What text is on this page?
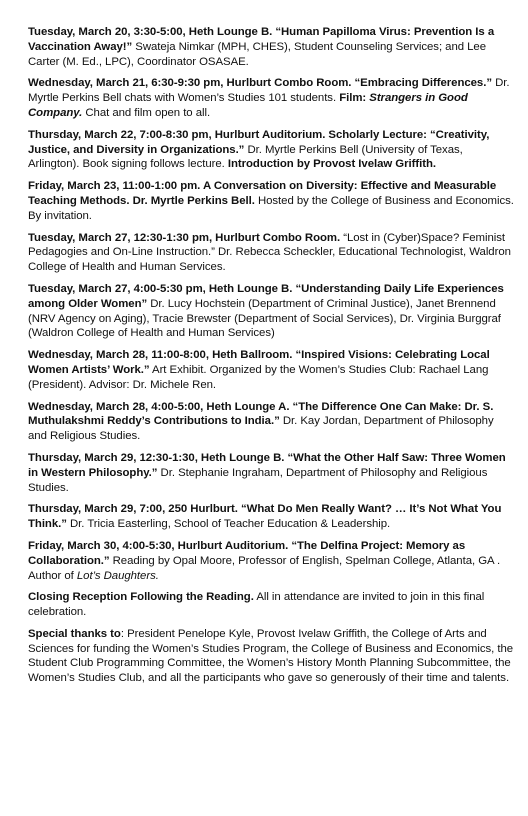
Tuesday, March 20, 3:30-5:00, Heth Lounge B. “Human Papilloma Virus: Prevention Is a Vaccination Away!” Swateja Nimkar (MPH, CHES), Student Counseling Services; and Lee Carter (M. Ed., LPC), Coordinator OSASAE.

Wednesday, March 21, 6:30-9:30 pm, Hurlburt Combo Room. “Embracing Differences.” Dr. Myrtle Perkins Bell chats with Women’s Studies 101 students. Film: Strangers in Good Company. Chat and film open to all.

Thursday, March 22, 7:00-8:30 pm, Hurlburt Auditorium. Scholarly Lecture: “Creativity, Justice, and Diversity in Organizations.” Dr. Myrtle Perkins Bell (University of Texas, Arlington). Book signing follows lecture. Introduction by Provost Ivelaw Griffith.

Friday, March 23, 11:00-1:00 pm. A Conversation on Diversity: Effective and Measurable Teaching Methods. Dr. Myrtle Perkins Bell. Hosted by the College of Business and Economics. By invitation.

Tuesday, March 27, 12:30-1:30 pm, Hurlburt Combo Room. “Lost in (Cyber)Space? Feminist Pedagogies and On-Line Instruction.” Dr. Rebecca Scheckler, Educational Technologist, Waldron College of Health and Human Services.

Tuesday, March 27, 4:00-5:30 pm, Heth Lounge B. “Understanding Daily Life Experiences among Older Women” Dr. Lucy Hochstein (Department of Criminal Justice), Janet Brennend (NRV Agency on Aging), Tracie Brewster (Department of Social Services), Dr. Virginia Burggraf (Waldron College of Health and Human Services)

Wednesday, March 28, 11:00-8:00, Heth Ballroom. “Inspired Visions: Celebrating Local Women Artists’ Work.” Art Exhibit. Organized by the Women’s Studies Club: Rachael Lang (President). Advisor: Dr. Michele Ren.

Wednesday, March 28, 4:00-5:00, Heth Lounge A. “The Difference One Can Make: Dr. S. Muthulakshmi Reddy’s Contributions to India.” Dr. Kay Jordan, Department of Philosophy and Religious Studies.

Thursday, March 29, 12:30-1:30, Heth Lounge B. “What the Other Half Saw: Three Women in Western Philosophy.” Dr. Stephanie Ingraham, Department of Philosophy and Religious Studies.

Thursday, March 29, 7:00, 250 Hurlburt. “What Do Men Really Want? … It’s Not What You Think.” Dr. Tricia Easterling, School of Teacher Education & Leadership.

Friday, March 30, 4:00-5:30, Hurlburt Auditorium. “The Delfina Project: Memory as Collaboration.” Reading by Opal Moore, Professor of English, Spelman College, Atlanta, GA . Author of Lot’s Daughters.

Closing Reception Following the Reading. All in attendance are invited to join in this final celebration.

Special thanks to: President Penelope Kyle, Provost Ivelaw Griffith, the College of Arts and Sciences for funding the Women’s Studies Program, the College of Business and Economics, the Student Club Programming Committee, the Women’s History Month Planning Subcommittee, the Women’s Studies Club, and all the participants who gave so generously of their time and talents.
